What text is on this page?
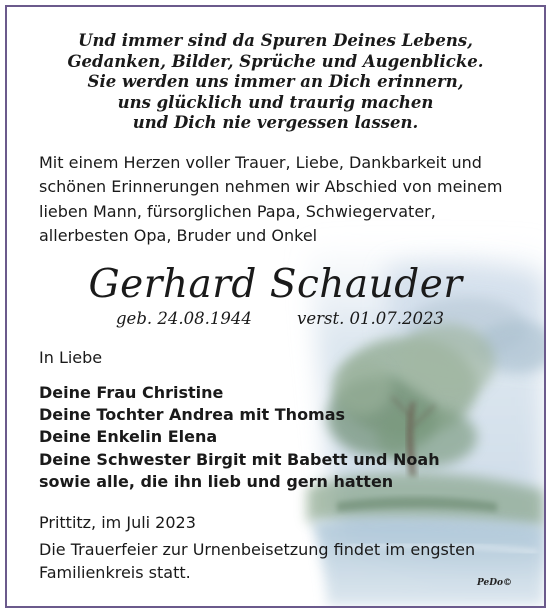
Und immer sind da Spuren Deines Lebens,
Gedanken, Bilder, Sprüche und Augenblicke.
Sie werden uns immer an Dich erinnern,
uns glücklich und traurig machen
und Dich nie vergessen lassen.
Mit einem Herzen voller Trauer, Liebe, Dankbarkeit und
schönen Erinnerungen nehmen wir Abschied von meinem
lieben Mann, fürsorglichen Papa, Schwiegervater,
allerbesten Opa, Bruder und Onkel
Gerhard Schauder
geb. 24.08.1944	verst. 01.07.2023
In Liebe
Deine Frau Christine
Deine Tochter Andrea mit Thomas
Deine Enkelin Elena
Deine Schwester Birgit mit Babett und Noah
sowie alle, die ihn lieb und gern hatten
Prittitz, im Juli 2023
Die Trauerfeier zur Urnenbeisetzung findet im engsten
Familienkreis statt.
PeDo©
